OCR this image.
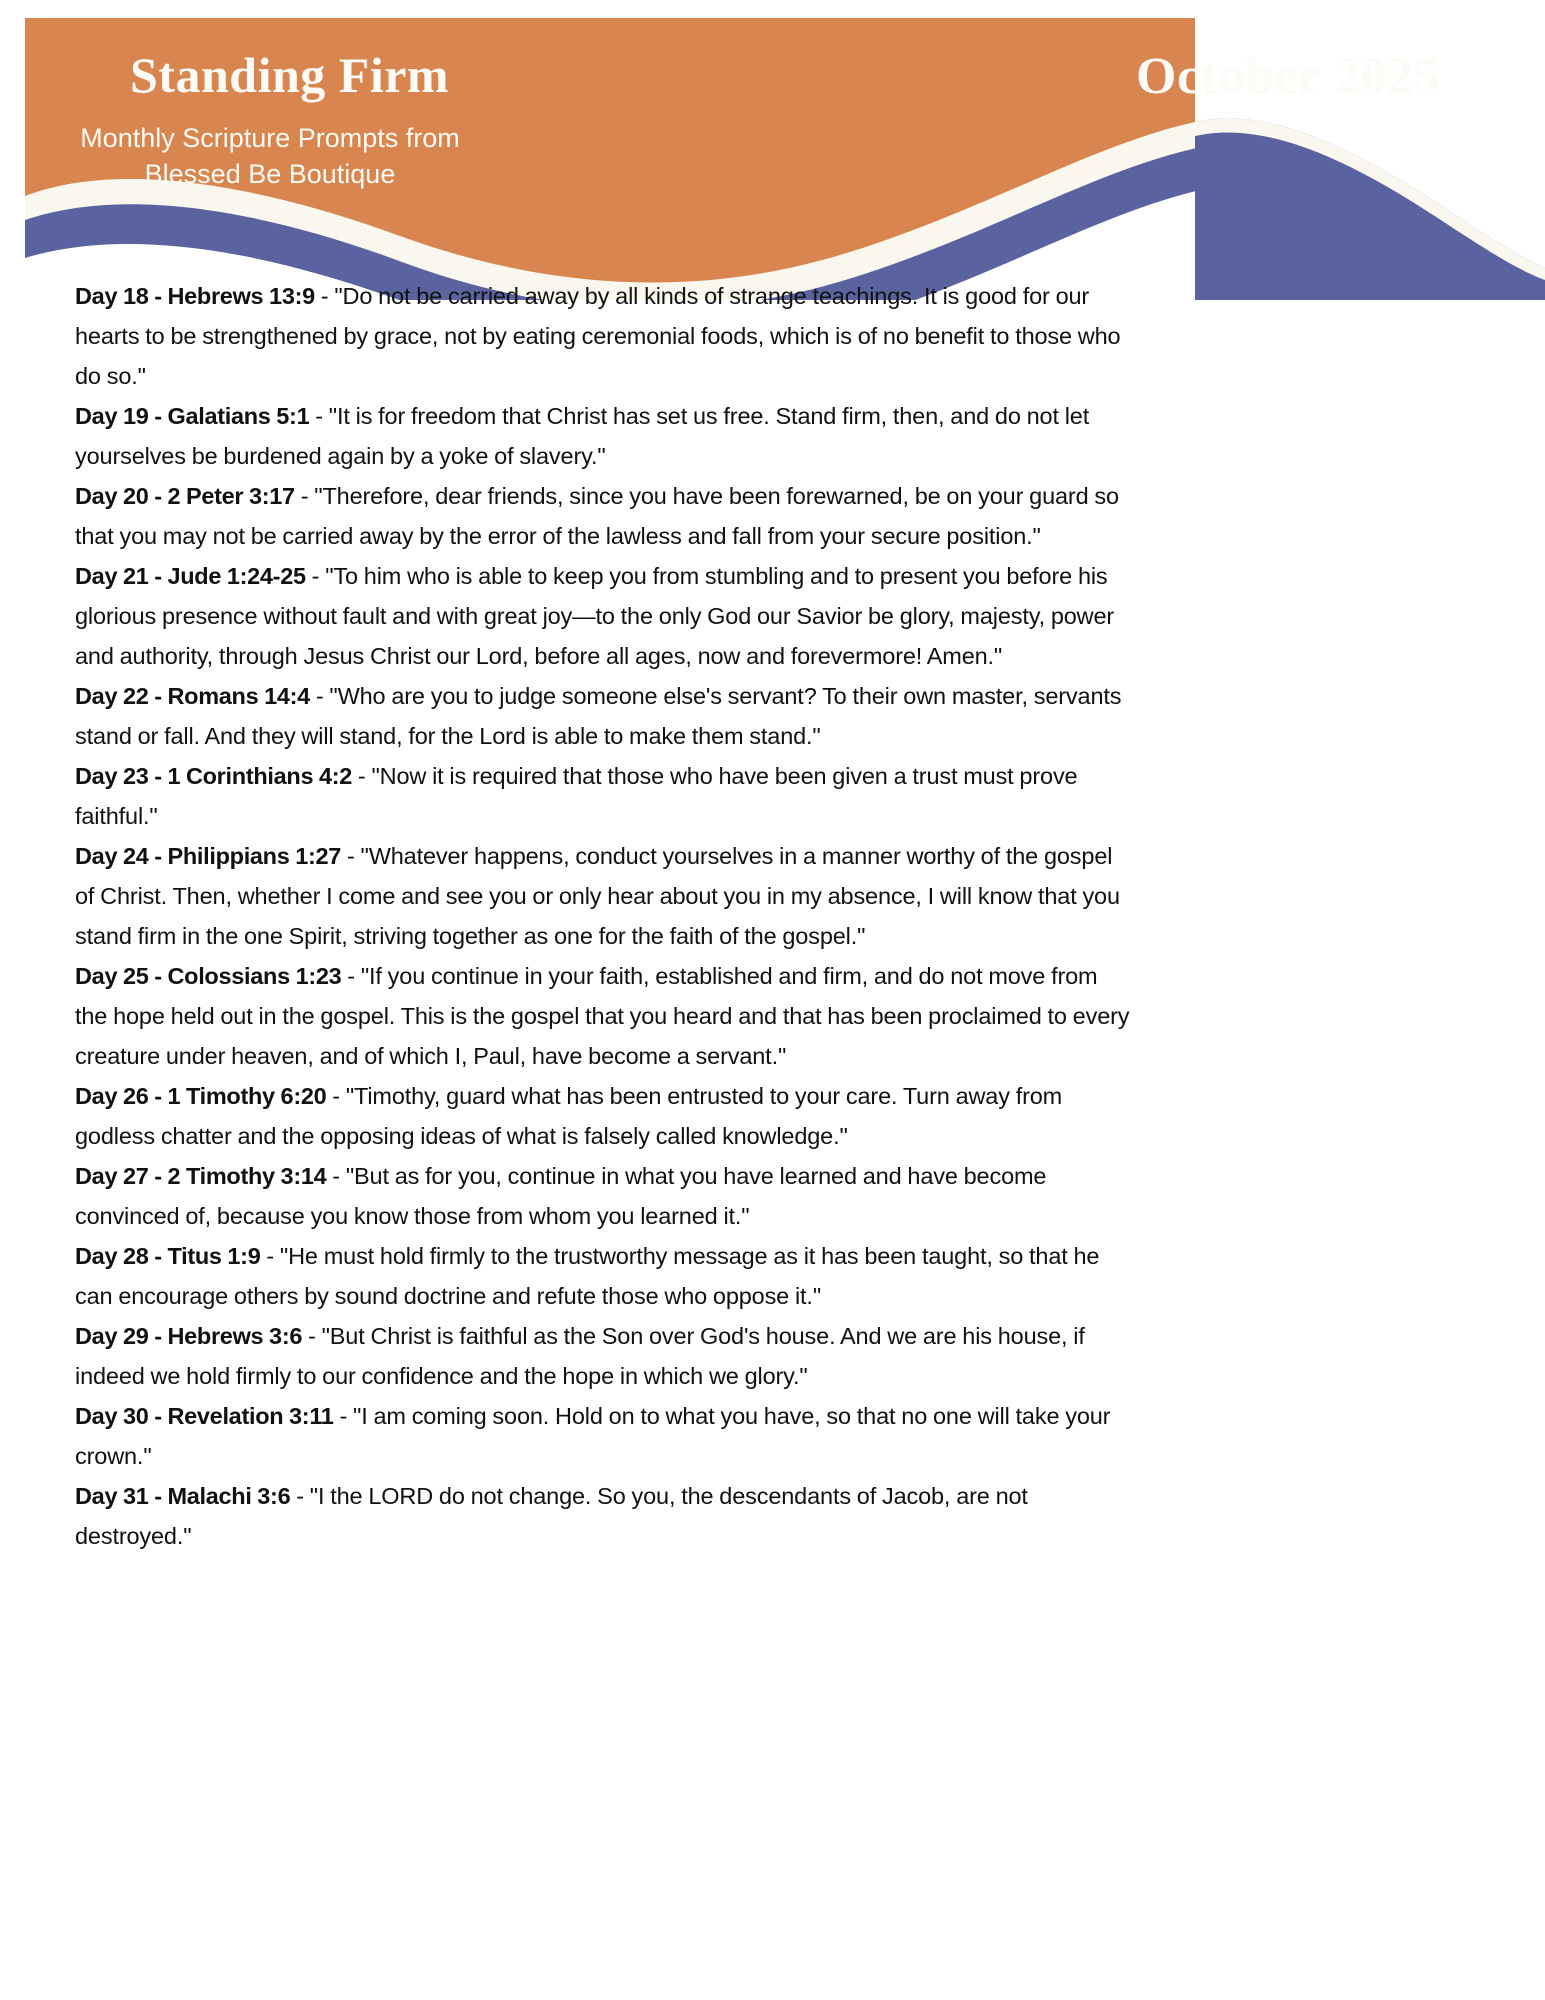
Standing Firm	October 2025
Monthly Scripture Prompts from
Blessed Be Boutique

Day 18 - Hebrews 13:9 - "Do not be carried away by all kinds of strange teachings. It is good for our hearts to be strengthened by grace, not by eating ceremonial foods, which is of no benefit to those who do so."

Day 19 - Galatians 5:1 - "It is for freedom that Christ has set us free. Stand firm, then, and do not let yourselves be burdened again by a yoke of slavery."

Day 20 - 2 Peter 3:17 - "Therefore, dear friends, since you have been forewarned, be on your guard so that you may not be carried away by the error of the lawless and fall from your secure position."

Day 21 - Jude 1:24-25 - "To him who is able to keep you from stumbling and to present you before his glorious presence without fault and with great joy—to the only God our Savior be glory, majesty, power and authority, through Jesus Christ our Lord, before all ages, now and forevermore! Amen."

Day 22 - Romans 14:4 - "Who are you to judge someone else's servant? To their own master, servants stand or fall. And they will stand, for the Lord is able to make them stand."

Day 23 - 1 Corinthians 4:2 - "Now it is required that those who have been given a trust must prove faithful."

Day 24 - Philippians 1:27 - "Whatever happens, conduct yourselves in a manner worthy of the gospel of Christ. Then, whether I come and see you or only hear about you in my absence, I will know that you stand firm in the one Spirit, striving together as one for the faith of the gospel."

Day 25 - Colossians 1:23 - "If you continue in your faith, established and firm, and do not move from the hope held out in the gospel. This is the gospel that you heard and that has been proclaimed to every creature under heaven, and of which I, Paul, have become a servant."

Day 26 - 1 Timothy 6:20 - "Timothy, guard what has been entrusted to your care. Turn away from godless chatter and the opposing ideas of what is falsely called knowledge."

Day 27 - 2 Timothy 3:14 - "But as for you, continue in what you have learned and have become convinced of, because you know those from whom you learned it."

Day 28 - Titus 1:9 - "He must hold firmly to the trustworthy message as it has been taught, so that he can encourage others by sound doctrine and refute those who oppose it."

Day 29 - Hebrews 3:6 - "But Christ is faithful as the Son over God's house. And we are his house, if indeed we hold firmly to our confidence and the hope in which we glory."

Day 30 - Revelation 3:11 - "I am coming soon. Hold on to what you have, so that no one will take your crown."

Day 31 - Malachi 3:6 - "I the LORD do not change. So you, the descendants of Jacob, are not destroyed."
